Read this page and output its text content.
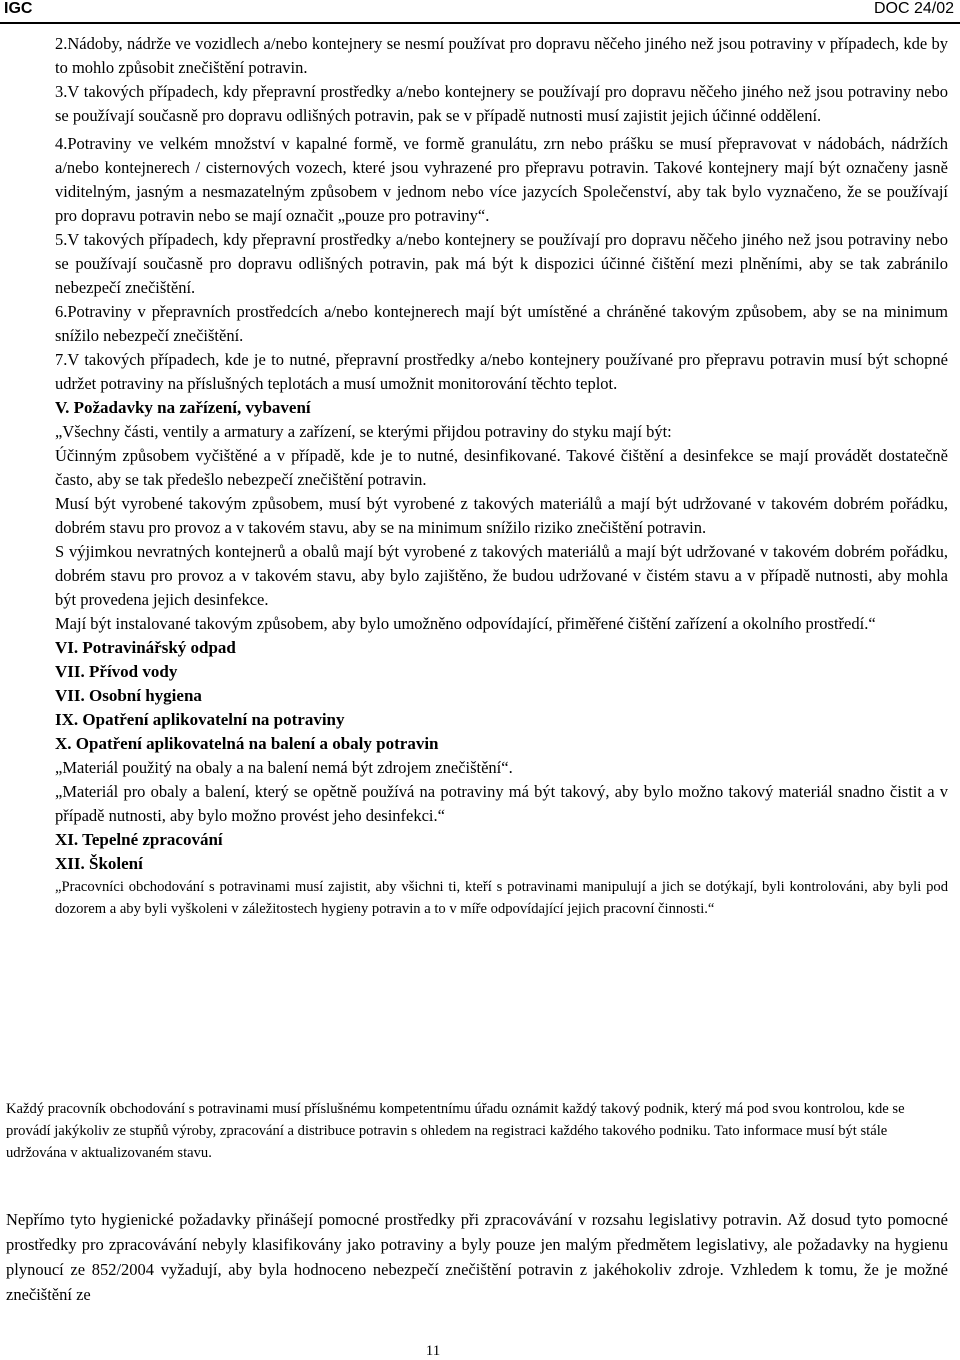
IGC	DOC 24/02

2.Nádoby, nádrže ve vozidlech a/nebo kontejnery se nesmí používat pro dopravu něčeho jiného než jsou potraviny v případech, kde by to mohlo způsobit znečištění potravin.

3.V takových případech, kdy přepravní prostředky a/nebo kontejnery se používají pro dopravu něčeho jiného než jsou potraviny nebo se používají současně pro dopravu odlišných potravin, pak se v případě nutnosti musí zajistit jejich účinné oddělení.

4.Potraviny ve velkém množství v kapalné formě, ve formě granulátu, zrn nebo prášku se musí přepravovat v nádobách, nádržích a/nebo kontejnerech / cisternových vozech, které jsou vyhrazené pro přepravu potravin. Takové kontejnery mají být označeny jasně viditelným, jasným a nesmazatelným způsobem v jednom nebo více jazycích Společenství, aby tak bylo vyznačeno, že se používají pro dopravu potravin nebo se mají označit „pouze pro potraviny“.

5.V takových případech, kdy přepravní prostředky a/nebo kontejnery se používají pro dopravu něčeho jiného než jsou potraviny nebo se používají současně pro dopravu odlišných potravin, pak má být k dispozici účinné čištění mezi plněními, aby se tak zabránilo nebezpečí znečištění.

6.Potraviny v přepravních prostředcích a/nebo kontejnerech mají být umístěné a chráněné takovým způsobem, aby se na minimum snížilo nebezpečí znečištění.

7.V takových případech, kde je to nutné, přepravní prostředky a/nebo kontejnery používané pro přepravu potravin musí být schopné udržet potraviny na příslušných teplotách a musí umožnit monitorování těchto teplot.

V. Požadavky na zařízení, vybavení

„Všechny části, ventily a armatury a zařízení, se kterými přijdou potraviny do styku mají být:

Účinným způsobem vyčištěné a v případě, kde je to nutné, desinfikované. Takové čištění a desinfekce se mají provádět dostatečně často, aby se tak předešlo nebezpečí znečištění potravin.

Musí být vyrobené takovým způsobem, musí být vyrobené z takových materiálů a mají být udržované v takovém dobrém pořádku, dobrém stavu pro provoz a v takovém stavu, aby se na minimum snížilo riziko znečištění potravin.

S výjimkou nevratných kontejnerů a obalů mají být vyrobené z takových materiálů a mají být udržované v takovém dobrém pořádku, dobrém stavu pro provoz a v takovém stavu, aby bylo zajištěno, že budou udržované v čistém stavu a v případě nutnosti, aby mohla být provedena jejich desinfekce.

Mají být instalované takovým způsobem, aby bylo umožněno odpovídající, přiměřené čištění zařízení a okolního prostředí.“

VI. Potravinářský odpad
VII. Přívod vody
VII. Osobní hygiena
IX. Opatření aplikovatelní na potraviny
X. Opatření aplikovatelná na balení a obaly potravin

„Materiál použitý na obaly a na balení nemá být zdrojem znečištění“.

„Materiál pro obaly a balení, který se opětně používá na potraviny má být takový, aby bylo možno takový materiál snadno čistit a v případě nutnosti, aby bylo možno provést jeho desinfekci.“

XI. Tepelné zpracování
XII. Školení

„Pracovníci obchodování s potravinami musí zajistit, aby všichni ti, kteří s potravinami manipulují a jich se dotýkají, byli kontrolováni, aby byli pod dozorem a aby byli vyškoleni v záležitostech hygieny potravin a to v míře odpovídající jejich pracovní činnosti.“

Každý pracovník obchodování s potravinami musí příslušnému kompetentnímu úřadu oznámit každý takový podnik, který má pod svou kontrolou, kde se provádí jakýkoliv ze stupňů výroby, zpracování a distribuce potravin s ohledem na registraci každého takového podniku. Tato informace musí být stále udržována v aktualizovaném stavu.

Nepřímo tyto hygienické požadavky přinášejí pomocné prostředky při zpracovávání v rozsahu legislativy potravin. Až dosud tyto pomocné prostředky pro zpracovávání nebyly klasifikovány jako potraviny a byly pouze jen malým předmětem legislativy, ale požadavky na hygienu plynoucí ze 852/2004 vyžadují, aby byla hodnoceno nebezpečí znečištění potravin z jakéhokoliv zdroje. Vzhledem k tomu, že je možné znečištění ze

11
